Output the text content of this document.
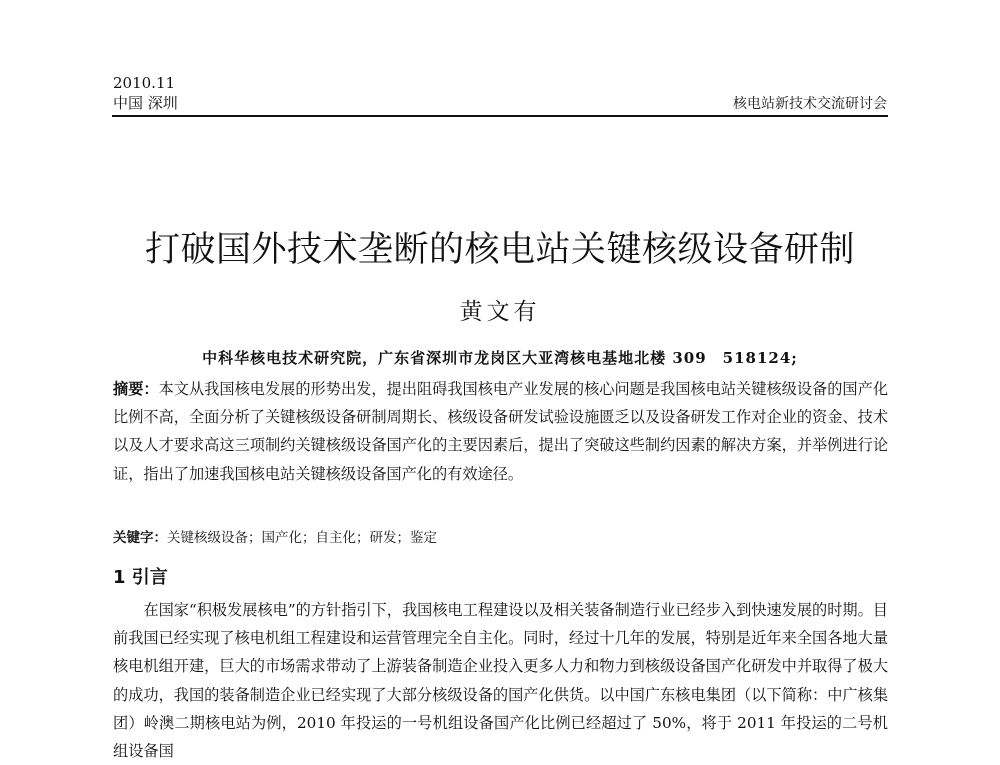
2010.11
中国 深圳	核电站新技术交流研讨会
打破国外技术垄断的核电站关键核级设备研制
黄文有
中科华核电技术研究院，广东省深圳市龙岗区大亚湾核电基地北楼 309　518124;
摘要：本文从我国核电发展的形势出发，提出阻碍我国核电产业发展的核心问题是我国核电站关键核级设备的国产化比例不高，全面分析了关键核级设备研制周期长、核级设备研发试验设施匮乏以及设备研发工作对企业的资金、技术以及人才要求高这三项制约关键核级设备国产化的主要因素后，提出了突破这些制约因素的解决方案，并举例进行论证，指出了加速我国核电站关键核级设备国产化的有效途径。
关键字：关键核级设备；国产化；自主化；研发；鉴定
1 引言
在国家“积极发展核电”的方针指引下，我国核电工程建设以及相关装备制造行业已经步入到快速发展的时期。目前我国已经实现了核电机组工程建设和运营管理完全自主化。同时，经过十几年的发展，特别是近年来全国各地大量核电机组开建，巨大的市场需求带动了上游装备制造企业投入更多人力和物力到核级设备国产化研发中并取得了极大的成功，我国的装备制造企业已经实现了大部分核级设备的国产化供货。以中国广东核电集团（以下简称：中广核集团）岭澳二期核电站为例，2010 年投运的一号机组设备国产化比例已经超过了 50%，将于 2011 年投运的二号机组设备国
